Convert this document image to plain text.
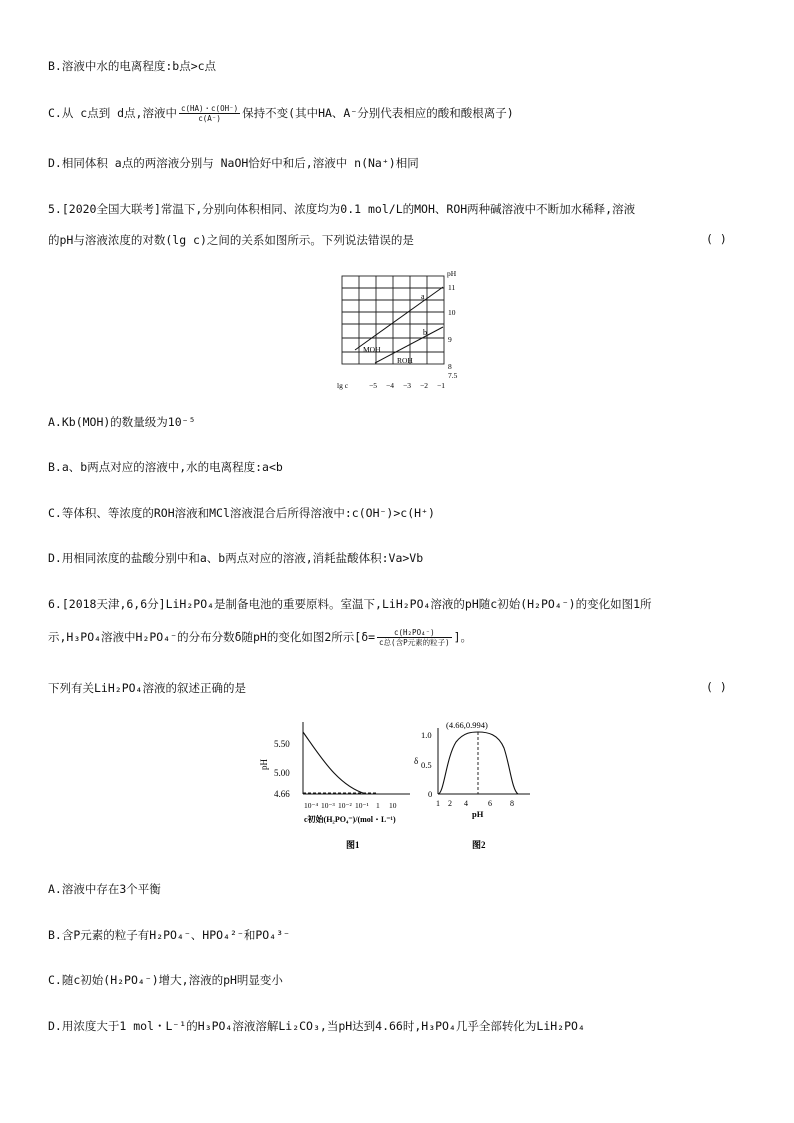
B.溶液中水的电离程度:b点>c点
C.从 c点到 d点,溶液中 $\frac{c(HA)・c(OH^-)}{c(A^-)}$ 保持不变(其中HA、A⁻分别代表相应的酸和酸根离子)
D.相同体积 a点的两溶液分别与 NaOH恰好中和后,溶液中 n(Na⁺)相同
5.[2020全国大联考]常温下,分别向体积相同、浓度均为0.1 mol/L的MOH、ROH两种碱溶液中不断加水稀释,溶液
的pH与溶液浓度的对数(lg c)之间的关系如图所示。下列说法错误的是	( )
a
b
MOH
ROH
pH
11
10
9
8
7.5
lg c	−5 −4 −3 −2 −1
A.Kb(MOH)的数量级为10⁻⁵
B.a、b两点对应的溶液中,水的电离程度:a<b
C.等体积、等浓度的ROH溶液和MCl溶液混合后所得溶液中:c(OH⁻)>c(H⁺)
D.用相同浓度的盐酸分别中和a、b两点对应的溶液,消耗盐酸体积:Va>Vb
6.[2018天津,6,6分]LiH₂PO₄是制备电池的重要原料。室温下,LiH₂PO₄溶液的pH随c初始(H₂PO₄⁻)的变化如图1所
示,H₃PO₄溶液中H₂PO₄⁻的分布分数δ随pH的变化如图2所示[$\delta= \frac{\text{c(H₂PO₄⁻)}}{\text{c总(含P元素的粒子)}}$ ]。
下列有关LiH₂PO₄溶液的叙述正确的是	( )
pH
5.50
5.00
4.66
10⁻⁴ 10⁻³ 10⁻² 10⁻¹ 1 10
c初始(H₂PO₄⁻)/(mol・L⁻¹)
图1
(4.66,0.994)
δ
1.0
0.5
0
1 2 4	6 8
pH
图2
A.溶液中存在3个平衡
B.含P元素的粒子有H₂PO₄⁻、HPO₄²⁻和PO₄³⁻
C.随c初始(H₂PO₄⁻)增大,溶液的pH明显变小
D.用浓度大于1 mol・L⁻¹的H₃PO₄溶液溶解Li₂CO₃,当pH达到4.66时,H₃PO₄几乎全部转化为LiH₂PO₄
